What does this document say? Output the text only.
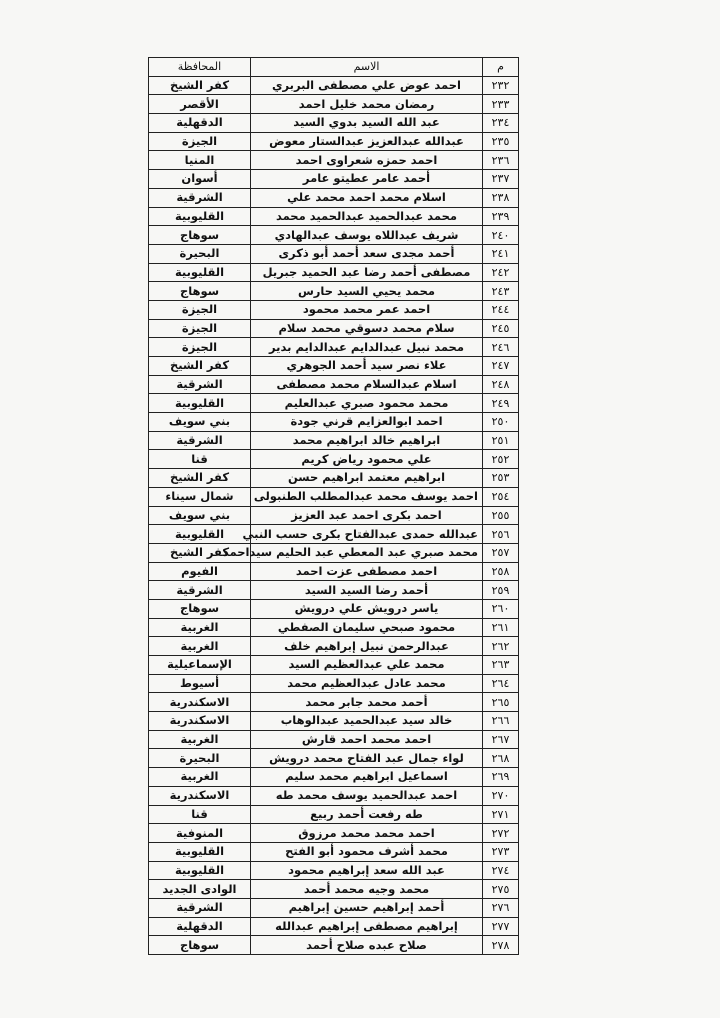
م	الاسم	المحافظة
٢٣٢	احمد عوض علي مصطفى البربري	كفر الشيخ
٢٣٣	رمضان محمد خليل احمد	الأقصر
٢٣٤	عبد الله السيد بدوي السيد	الدقهلية
٢٣٥	عبدالله عبدالعزيز عبدالستار معوض	الجيزة
٢٣٦	احمد حمزه شعراوى احمد	المنيا
٢٣٧	أحمد عامر عطيتو عامر	أسوان
٢٣٨	اسلام محمد احمد محمد علي	الشرقية
٢٣٩	محمد عبدالحميد عبدالحميد محمد	القليوبية
٢٤٠	شريف عبداللاه يوسف عبدالهادي	سوهاج
٢٤١	أحمد مجدى سعد أحمد أبو ذكرى	البحيرة
٢٤٢	مصطفى أحمد رضا عبد الحميد جبريل	القليوبية
٢٤٣	محمد يحيي السيد حارس	سوهاج
٢٤٤	احمد عمر محمد محمود	الجيزة
٢٤٥	سلام محمد دسوقي محمد سلام	الجيزة
٢٤٦	محمد نبيل عبدالدايم عبدالدايم بدير	الجيزة
٢٤٧	علاء نصر سيد أحمد الجوهري	كفر الشيخ
٢٤٨	اسلام عبدالسلام محمد مصطفى	الشرقية
٢٤٩	محمد محمود صبري عبدالعليم	القليوبية
٢٥٠	احمد ابوالعزايم قرني جودة	بني سويف
٢٥١	ابراهيم خالد ابراهيم محمد	الشرقية
٢٥٢	علي محمود رياض كريم	قنا
٢٥٣	ابراهيم معتمد ابراهيم حسن	كفر الشيخ
٢٥٤	احمد يوسف محمد عبدالمطلب الطنبولى	شمال سيناء
٢٥٥	احمد بكرى احمد عبد العزيز	بني سويف
٢٥٦	عبدالله حمدى عبدالفتاح بكرى حسب النبي	القليوبية
٢٥٧	محمد صبري عبد المعطي عبد الحليم سيداحمد	كفر الشيخ
٢٥٨	احمد مصطفى عزت احمد	الفيوم
٢٥٩	أحمد رضا السيد السيد	الشرقية
٢٦٠	ياسر درويش علي درويش	سوهاج
٢٦١	محمود صبحي سليمان الصفطي	الغربية
٢٦٢	عبدالرحمن نبيل إبراهيم خلف	الغربية
٢٦٣	محمد علي عبدالعظيم السيد	الإسماعيلية
٢٦٤	محمد عادل عبدالعظيم محمد	أسيوط
٢٦٥	أحمد محمد جابر محمد	الاسكندرية
٢٦٦	خالد سيد عبدالحميد عبدالوهاب	الاسكندرية
٢٦٧	احمد محمد احمد قارش	الغربية
٢٦٨	لواء جمال عبد الفتاح محمد درويش	البحيرة
٢٦٩	اسماعيل ابراهيم محمد سليم	الغربية
٢٧٠	احمد عبدالحميد يوسف محمد طه	الاسكندرية
٢٧١	طه رفعت أحمد ربيع	قنا
٢٧٢	احمد محمد محمد مرزوق	المنوفية
٢٧٣	محمد أشرف محمود أبو الفتح	القليوبية
٢٧٤	عبد الله سعد إبراهيم محمود	القليوبية
٢٧٥	محمد وجيه محمد أحمد	الوادى الجديد
٢٧٦	أحمد إبراهيم حسين إبراهيم	الشرقية
٢٧٧	إبراهيم مصطفى إبراهيم عبدالله	الدقهلية
٢٧٨	صلاح عبده صلاح أحمد	سوهاج
